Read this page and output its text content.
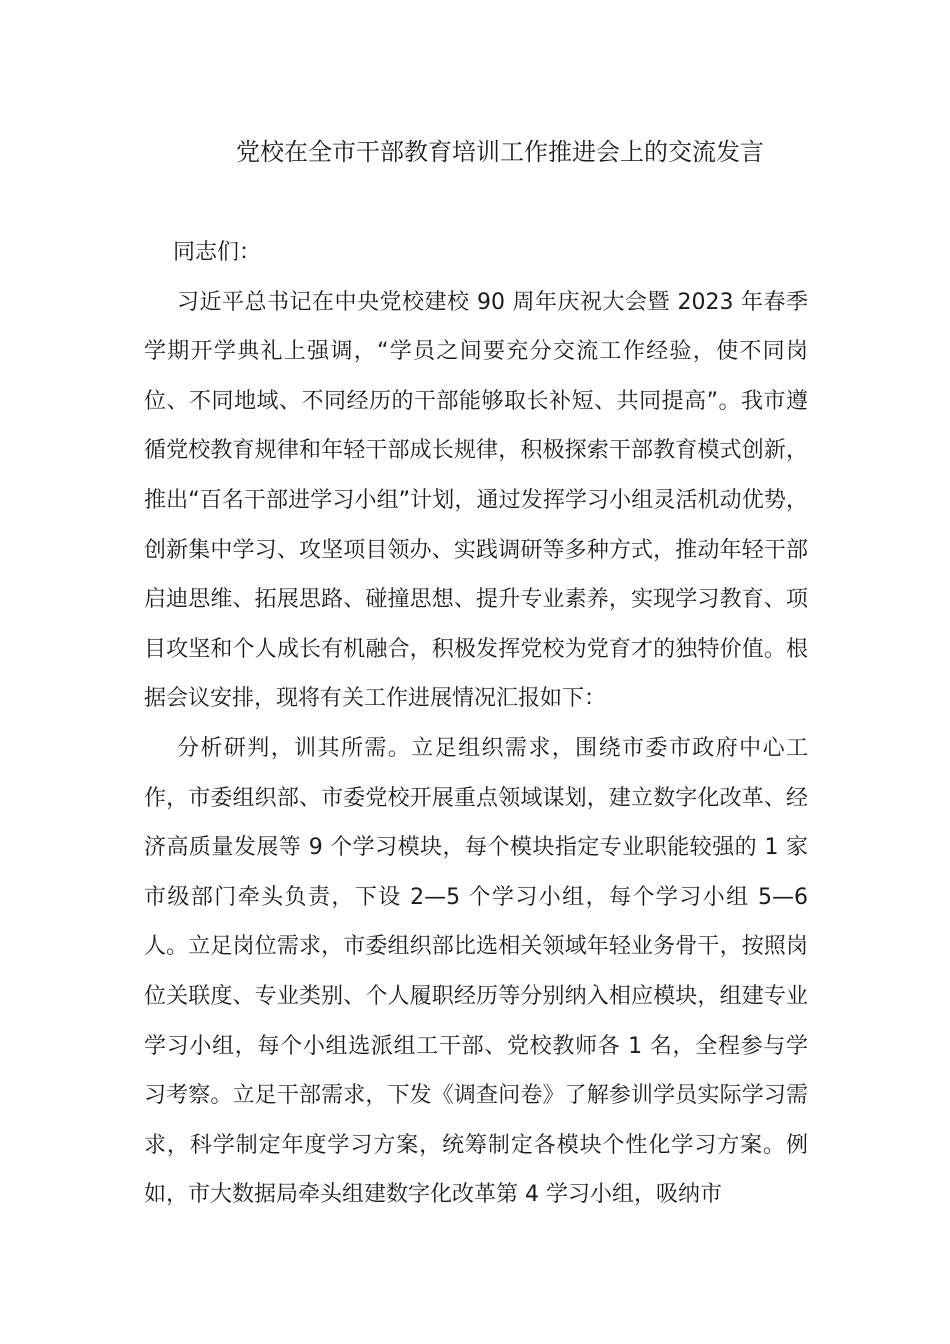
党校在全市干部教育培训工作推进会上的交流发言

同志们：

习近平总书记在中央党校建校 90 周年庆祝大会暨 2023 年春季学期开学典礼上强调，“学员之间要充分交流工作经验，使不同岗位、不同地域、不同经历的干部能够取长补短、共同提高”。我市遵循党校教育规律和年轻干部成长规律，积极探索干部教育模式创新，推出“百名干部进学习小组”计划，通过发挥学习小组灵活机动优势，创新集中学习、攻坚项目领办、实践调研等多种方式，推动年轻干部启迪思维、拓展思路、碰撞思想、提升专业素养，实现学习教育、项目攻坚和个人成长有机融合，积极发挥党校为党育才的独特价值。根据会议安排，现将有关工作进展情况汇报如下：

分析研判，训其所需。立足组织需求，围绕市委市政府中心工作，市委组织部、市委党校开展重点领域谋划，建立数字化改革、经济高质量发展等 9 个学习模块，每个模块指定专业职能较强的 1 家市级部门牵头负责，下设 2—5 个学习小组，每个学习小组 5—6 人。立足岗位需求，市委组织部比选相关领域年轻业务骨干，按照岗位关联度、专业类别、个人履职经历等分别纳入相应模块，组建专业学习小组，每个小组选派组工干部、党校教师各 1 名，全程参与学习考察。立足干部需求，下发《调查问卷》了解参训学员实际学习需求，科学制定年度学习方案，统筹制定各模块个性化学习方案。例如，市大数据局牵头组建数字化改革第 4 学习小组，吸纳市
